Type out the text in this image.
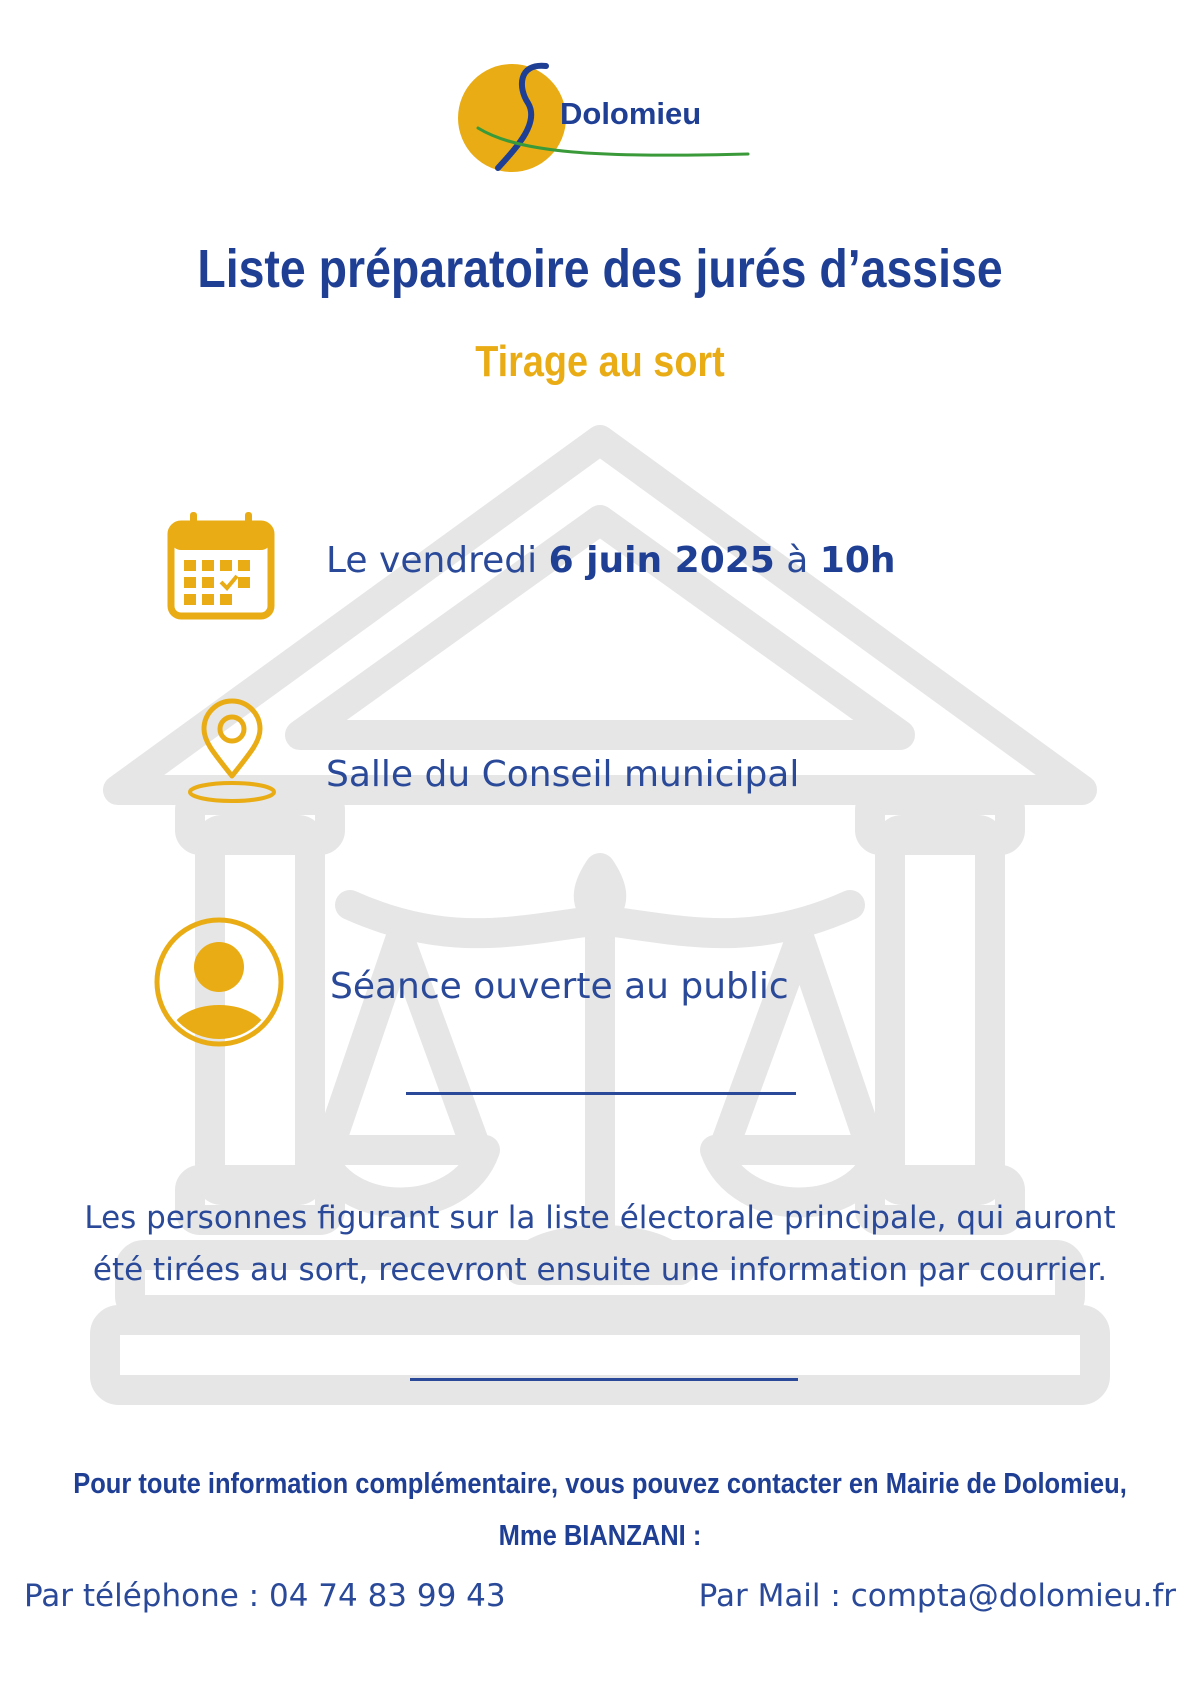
Dolomieu
Liste préparatoire des jurés d’assise
Tirage au sort
Le vendredi 6 juin 2025 à 10h
Salle du Conseil municipal
Séance ouverte au public
Les personnes figurant sur la liste électorale principale, qui auront
été tirées au sort, recevront ensuite une information par courrier.
Pour toute information complémentaire, vous pouvez contacter en Mairie de Dolomieu,
Mme BIANZANI :
Par téléphone : 04 74 83 99 43	Par Mail : compta@dolomieu.fr
